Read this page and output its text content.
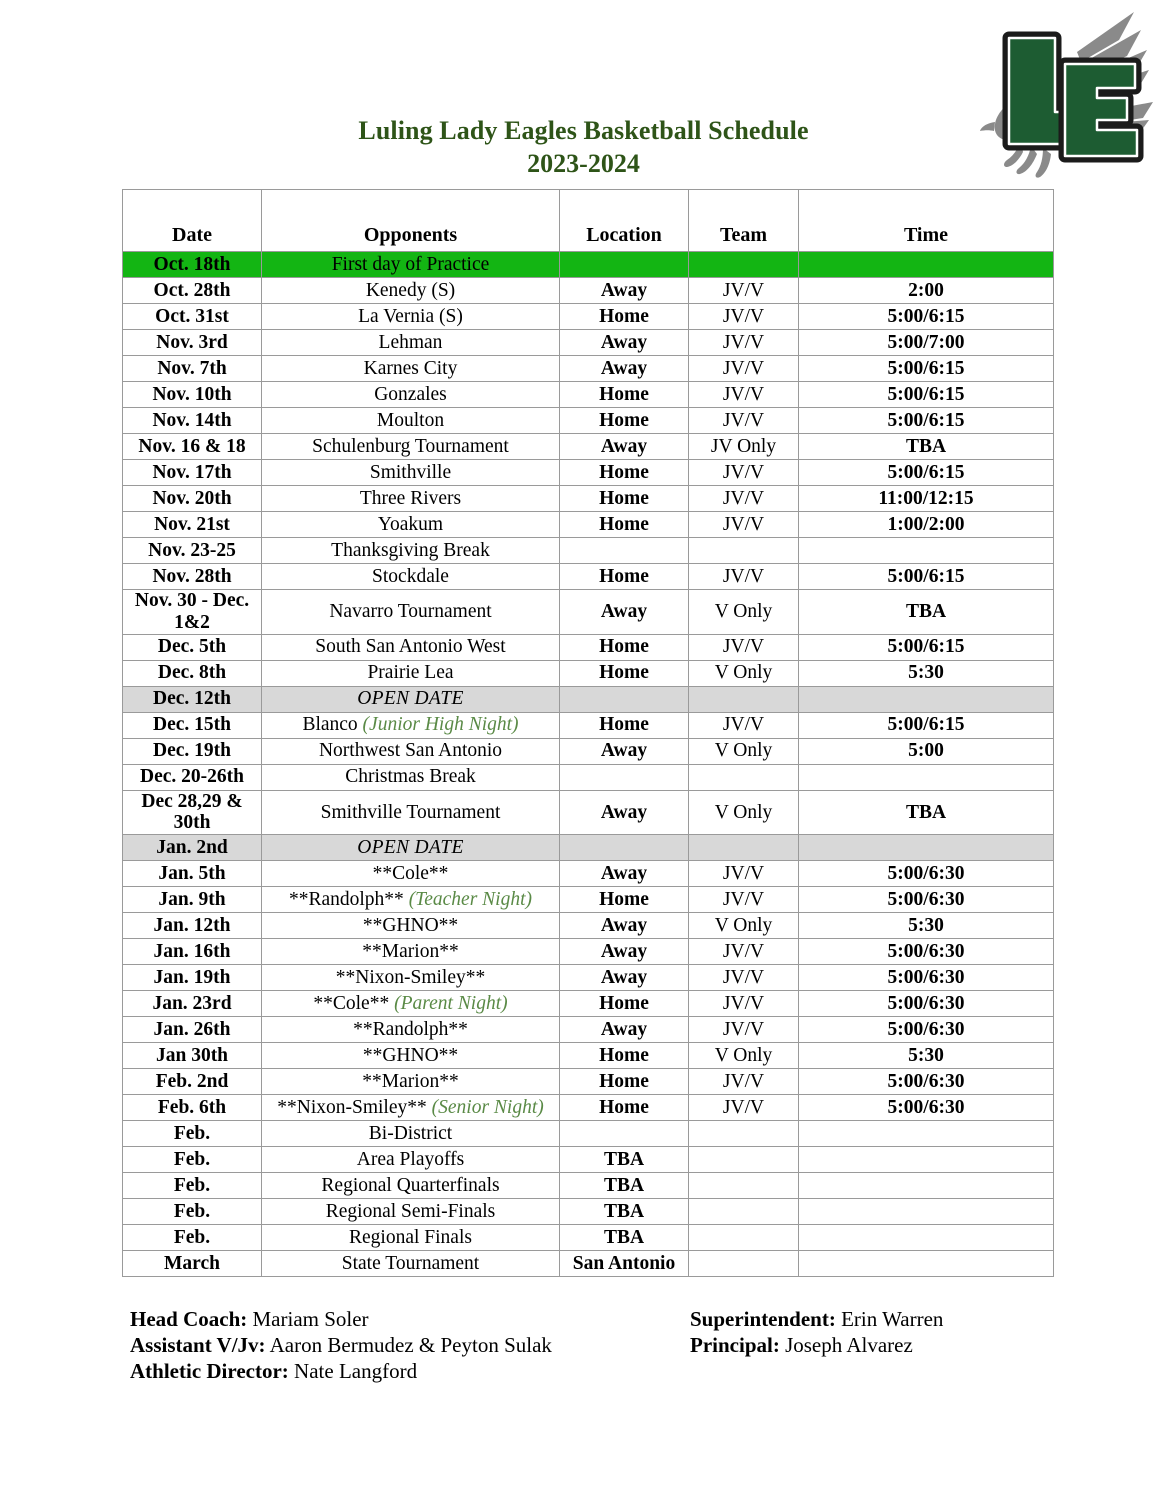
Luling Lady Eagles Basketball Schedule
2023-2024
Date	Opponents	Location	Team	Time
Oct. 18th	First day of Practice			
Oct. 28th	Kenedy (S)	Away	JV/V	2:00
Oct. 31st	La Vernia (S)	Home	JV/V	5:00/6:15
Nov. 3rd	Lehman	Away	JV/V	5:00/7:00
Nov. 7th	Karnes City	Away	JV/V	5:00/6:15
Nov. 10th	Gonzales	Home	JV/V	5:00/6:15
Nov. 14th	Moulton	Home	JV/V	5:00/6:15
Nov. 16 & 18	Schulenburg Tournament	Away	JV Only	TBA
Nov. 17th	Smithville	Home	JV/V	5:00/6:15
Nov. 20th	Three Rivers	Home	JV/V	11:00/12:15
Nov. 21st	Yoakum	Home	JV/V	1:00/2:00
Nov. 23-25	Thanksgiving Break			
Nov. 28th	Stockdale	Home	JV/V	5:00/6:15
Nov. 30 - Dec. 1&2	Navarro Tournament	Away	V Only	TBA
Dec. 5th	South San Antonio West	Home	JV/V	5:00/6:15
Dec. 8th	Prairie Lea	Home	V Only	5:30
Dec. 12th	OPEN DATE			
Dec. 15th	Blanco (Junior High Night)	Home	JV/V	5:00/6:15
Dec. 19th	Northwest San Antonio	Away	V Only	5:00
Dec. 20-26th	Christmas Break			
Dec 28,29 & 30th	Smithville Tournament	Away	V Only	TBA
Jan. 2nd	OPEN DATE			
Jan. 5th	**Cole**	Away	JV/V	5:00/6:30
Jan. 9th	**Randolph** (Teacher Night)	Home	JV/V	5:00/6:30
Jan. 12th	**GHNO**	Away	V Only	5:30
Jan. 16th	**Marion**	Away	JV/V	5:00/6:30
Jan. 19th	**Nixon-Smiley**	Away	JV/V	5:00/6:30
Jan. 23rd	**Cole** (Parent Night)	Home	JV/V	5:00/6:30
Jan. 26th	**Randolph**	Away	JV/V	5:00/6:30
Jan 30th	**GHNO**	Home	V Only	5:30
Feb. 2nd	**Marion**	Home	JV/V	5:00/6:30
Feb. 6th	**Nixon-Smiley** (Senior Night)	Home	JV/V	5:00/6:30
Feb.	Bi-District			
Feb.	Area Playoffs	TBA		
Feb.	Regional Quarterfinals	TBA		
Feb.	Regional Semi-Finals	TBA		
Feb.	Regional Finals	TBA		
March	State Tournament	San Antonio		
Head Coach: Mariam Soler	Superintendent: Erin Warren
Assistant V/Jv: Aaron Bermudez & Peyton Sulak	Principal: Joseph Alvarez
Athletic Director: Nate Langford
